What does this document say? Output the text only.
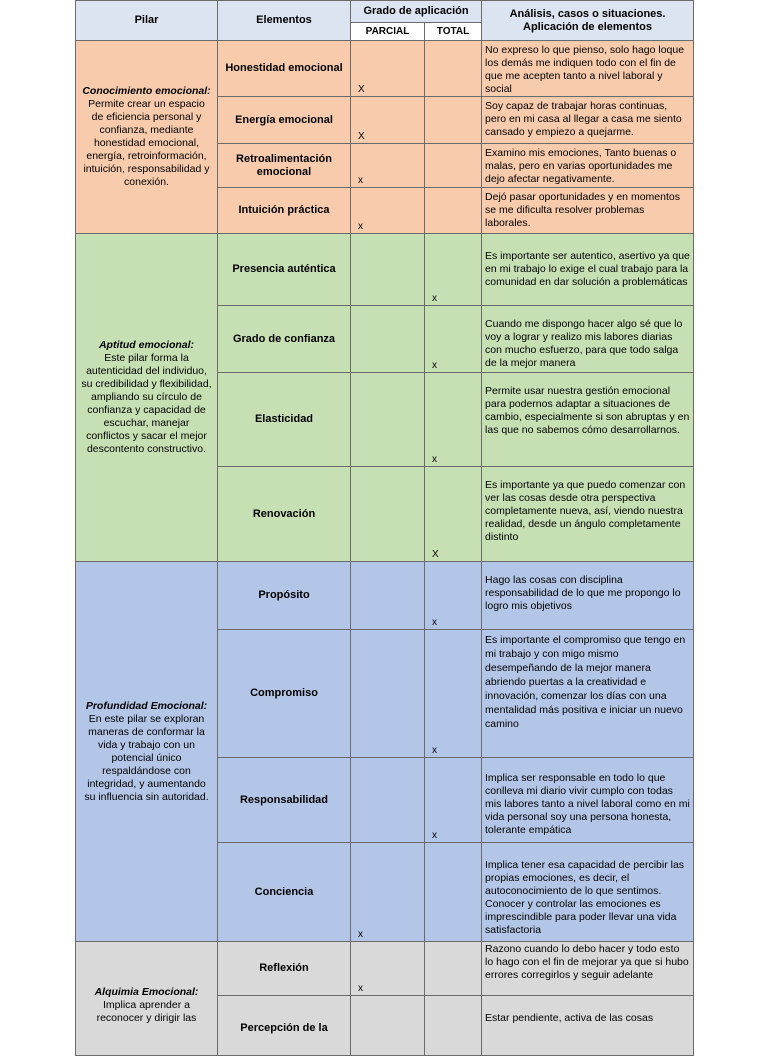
Pilar	Elementos	Grado de aplicación		Análisis, casos o situaciones.
Aplicación de elementos
		PARCIAL	TOTAL	

Conocimiento emocional:
Permite crear un espacio de eficiencia personal y confianza, mediante honestidad emocional, energía, retroinformación, intuición, responsabilidad y conexión.	Honestidad emocional	X		No expreso lo que pienso, solo hago loque los demás me indiquen todo con el fin de que me acepten tanto a nivel laboral y social
	Energía emocional	X		Soy capaz de trabajar horas continuas, pero en mi casa al llegar a casa me siento cansado y empiezo a quejarme.
	Retroalimentación emocional	x		Examino mis emociones, Tanto buenas o malas, pero en varias oportunidades me dejo afectar negativamente.
	Intuición práctica	x		Dejó pasar oportunidades y en momentos se me dificulta resolver problemas laborales.

Aptitud emocional:
Este pilar forma la autenticidad del individuo, su credibilidad y flexibilidad, ampliando su círculo de confianza y capacidad de escuchar, manejar conflictos y sacar el mejor descontento constructivo.	Presencia auténtica		x	Es importante ser autentico, asertivo ya que en mi trabajo lo exige el cual trabajo para la comunidad en dar solución a problemáticas
	Grado de confianza		x	Cuando me dispongo hacer algo sé que lo voy a lograr y realizo mis labores diarias con mucho esfuerzo, para que todo salga de la mejor manera
	Elasticidad		x	Permite usar nuestra gestión emocional para podernos adaptar a situaciones de cambio, especialmente si son abruptas y en las que no sabemos cómo desarrollarnos.
	Renovación		X	Es importante ya que puedo comenzar con ver las cosas desde otra perspectiva completamente nueva, así, viendo nuestra realidad, desde un ángulo completamente distinto

Profundidad Emocional:
En este pilar se exploran maneras de conformar la vida y trabajo con un potencial único respaldándose con integridad, y aumentando su influencia sin autoridad.	Propósito		x	Hago las cosas con disciplina responsabilidad de lo que me propongo lo logro mis objetivos
	Compromiso		x	Es importante el compromiso que tengo en mi trabajo y con migo mismo desempeñando de la mejor manera abriendo puertas a la creatividad e innovación, comenzar los días con una mentalidad más positiva e iniciar un nuevo camino
	Responsabilidad		x	Implica ser responsable en todo lo que conlleva mi diario vivir cumplo con todas mis labores tanto a nivel laboral como en mi vida personal soy una persona honesta, tolerante empática
	Conciencia	x		Implica tener esa capacidad de percibir las propias emociones, es decir, el autoconocimiento de lo que sentimos. Conocer y controlar las emociones es imprescindible para poder llevar una vida satisfactoria

Alquimia Emocional:
Implica aprender a reconocer y dirigir las	Reflexión	x		Razono cuando lo debo hacer y todo esto lo hago con el fin de mejorar ya que si hubo errores corregirlos y seguir adelante
	Percepción de la			Estar pendiente, activa de las cosas
